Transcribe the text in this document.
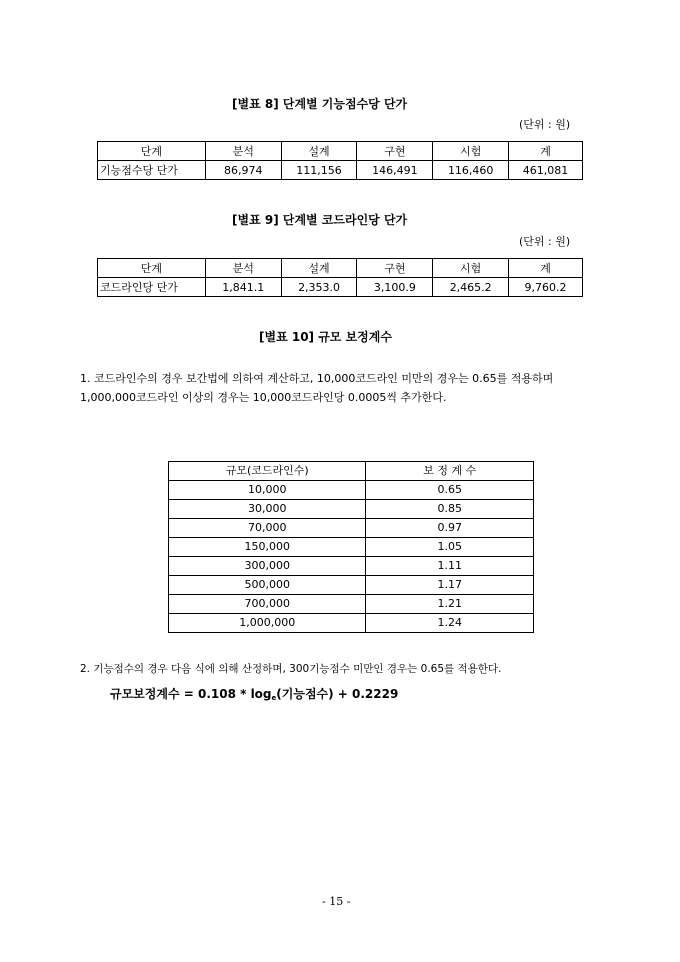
[별표 8] 단계별 기능점수당 단가
(단위 : 원)
단계	분석	설계	구현	시험	계
기능점수당 단가	86,974	111,156	146,491	116,460	461,081
[별표 9] 단계별 코드라인당 단가
(단위 : 원)
단계	분석	설계	구현	시험	계
코드라인당 단가	1,841.1	2,353.0	3,100.9	2,465.2	9,760.2
[별표 10] 규모 보정계수
1. 코드라인수의 경우 보간법에 의하여 계산하고, 10,000코드라인 미만의 경우는 0.65를 적용하며 1,000,000코드라인 이상의 경우는 10,000코드라인당 0.0005씩 추가한다.
규모(코드라인수)	보 정 계 수
10,000	0.65
30,000	0.85
70,000	0.97
150,000	1.05
300,000	1.11
500,000	1.17
700,000	1.21
1,000,000	1.24
2. 기능점수의 경우 다음 식에 의해 산정하며, 300기능점수 미만인 경우는 0.65를 적용한다.
규모보정계수 = $0.108 * \log_e$(기능점수) + 0.2229
- 15 -
